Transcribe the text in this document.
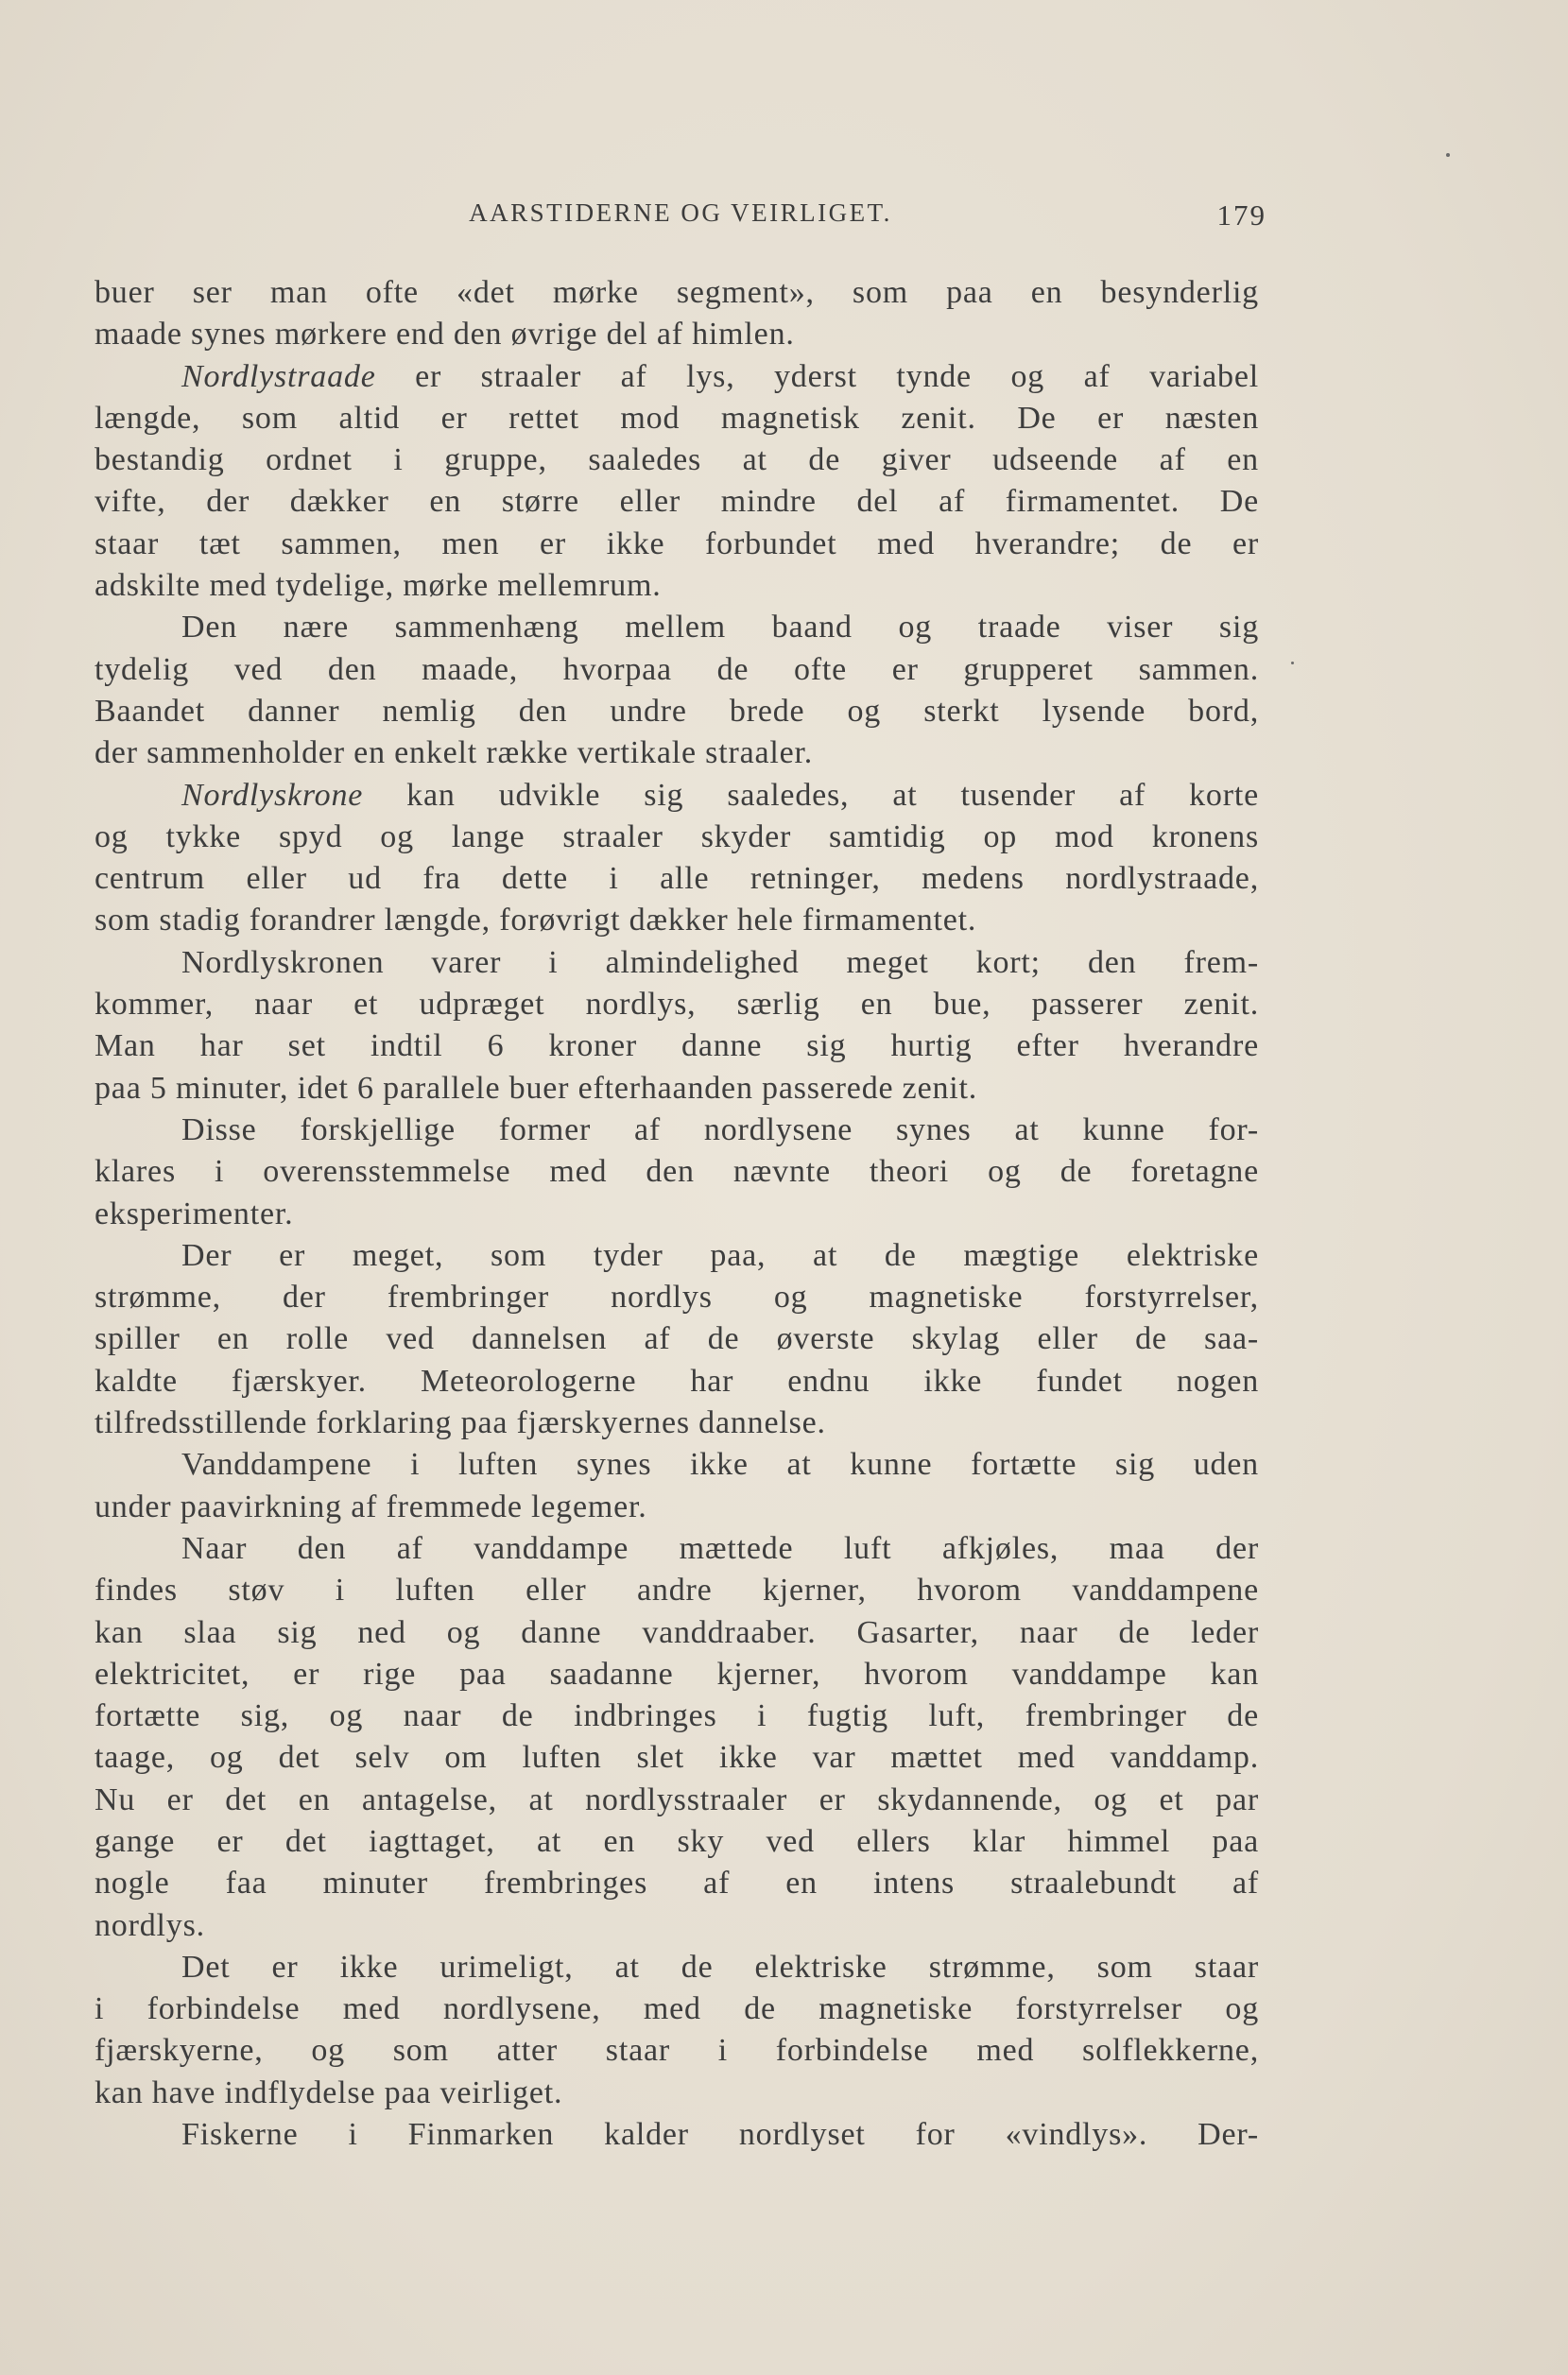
AARSTIDERNE OG VEIRLIGET.	179
buer ser man ofte «det mørke segment», som paa en besynderlig
maade synes mørkere end den øvrige del af himlen.
Nordlystraade er straaler af lys, yderst tynde og af variabel
længde, som altid er rettet mod magnetisk zenit. De er næsten
bestandig ordnet i gruppe, saaledes at de giver udseende af en
vifte, der dækker en større eller mindre del af firmamentet. De
staar tæt sammen, men er ikke forbundet med hverandre; de er
adskilte med tydelige, mørke mellemrum.
Den nære sammenhæng mellem baand og traade viser sig
tydelig ved den maade, hvorpaa de ofte er grupperet sammen.
Baandet danner nemlig den undre brede og sterkt lysende bord,
der sammenholder en enkelt række vertikale straaler.
Nordlyskrone kan udvikle sig saaledes, at tusender af korte
og tykke spyd og lange straaler skyder samtidig op mod kronens
centrum eller ud fra dette i alle retninger, medens nordlystraade,
som stadig forandrer længde, forøvrigt dækker hele firmamentet.
Nordlyskronen varer i almindelighed meget kort; den frem-
kommer, naar et udpræget nordlys, særlig en bue, passerer zenit.
Man har set indtil 6 kroner danne sig hurtig efter hverandre
paa 5 minuter, idet 6 parallele buer efterhaanden passerede zenit.
Disse forskjellige former af nordlysene synes at kunne for-
klares i overensstemmelse med den nævnte theori og de foretagne
eksperimenter.
Der er meget, som tyder paa, at de mægtige elektriske
strømme, der frembringer nordlys og magnetiske forstyrrelser,
spiller en rolle ved dannelsen af de øverste skylag eller de saa-
kaldte fjærskyer. Meteorologerne har endnu ikke fundet nogen
tilfredsstillende forklaring paa fjærskyernes dannelse.
Vanddampene i luften synes ikke at kunne fortætte sig uden
under paavirkning af fremmede legemer.
Naar den af vanddampe mættede luft afkjøles, maa der
findes støv i luften eller andre kjerner, hvorom vanddampene
kan slaa sig ned og danne vanddraaber. Gasarter, naar de leder
elektricitet, er rige paa saadanne kjerner, hvorom vanddampe kan
fortætte sig, og naar de indbringes i fugtig luft, frembringer de
taage, og det selv om luften slet ikke var mættet med vanddamp.
Nu er det en antagelse, at nordlysstraaler er skydannende, og et par
gange er det iagttaget, at en sky ved ellers klar himmel paa
nogle faa minuter frembringes af en intens straalebundt af
nordlys.
Det er ikke urimeligt, at de elektriske strømme, som staar
i forbindelse med nordlysene, med de magnetiske forstyrrelser og
fjærskyerne, og som atter staar i forbindelse med solflekkerne,
kan have indflydelse paa veirliget.
Fiskerne i Finmarken kalder nordlyset for «vindlys». Der-
